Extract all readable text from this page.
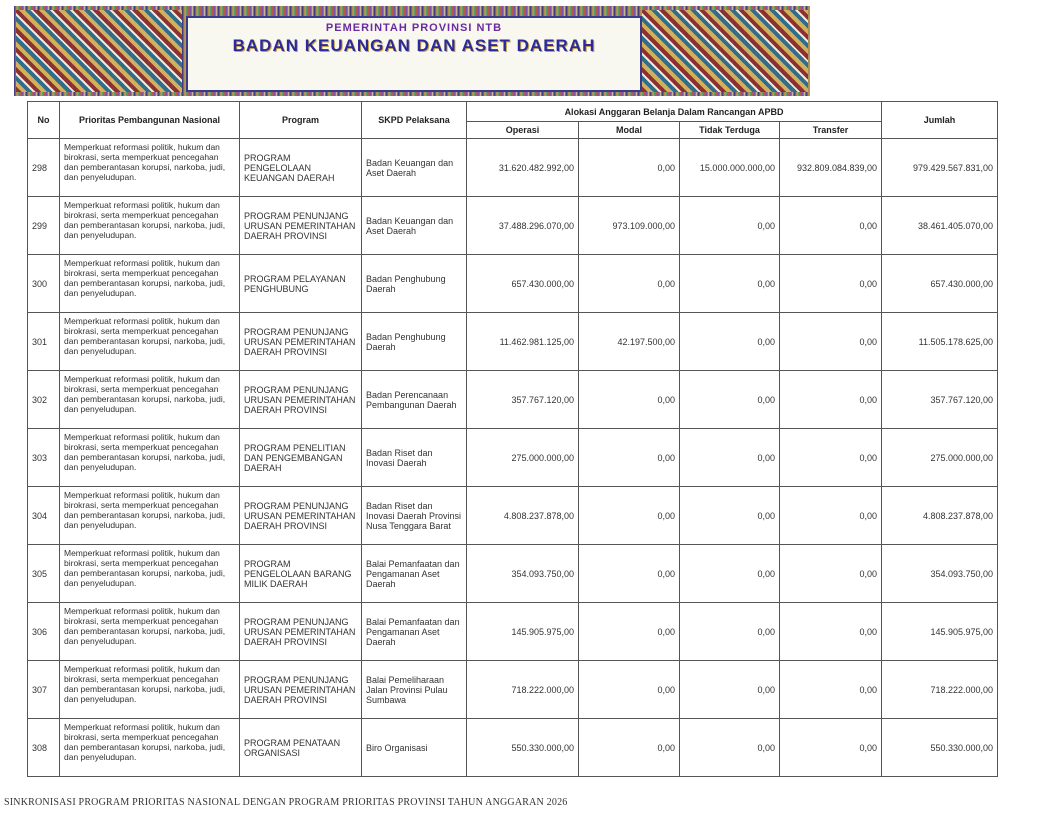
PEMERINTAH PROVINSI NTB
BADAN KEUANGAN DAN ASET DAERAH
No	Prioritas Pembangunan Nasional	Program	SKPD Pelaksana	Alokasi Anggaran Belanja Dalam Rancangan APBD				Jumlah
				Operasi	Modal	Tidak Terduga	Transfer	
298	Memperkuat reformasi politik, hukum dan birokrasi, serta memperkuat pencegahan dan pemberantasan korupsi, narkoba, judi, dan penyeludupan.	PROGRAM PENGELOLAAN KEUANGAN DAERAH	Badan Keuangan dan Aset Daerah	31.620.482.992,00	0,00	15.000.000.000,00	932.809.084.839,00	979.429.567.831,00
299	Memperkuat reformasi politik, hukum dan birokrasi, serta memperkuat pencegahan dan pemberantasan korupsi, narkoba, judi, dan penyeludupan.	PROGRAM PENUNJANG URUSAN PEMERINTAHAN DAERAH PROVINSI	Badan Keuangan dan Aset Daerah	37.488.296.070,00	973.109.000,00	0,00	0,00	38.461.405.070,00
300	Memperkuat reformasi politik, hukum dan birokrasi, serta memperkuat pencegahan dan pemberantasan korupsi, narkoba, judi, dan penyeludupan.	PROGRAM PELAYANAN PENGHUBUNG	Badan Penghubung Daerah	657.430.000,00	0,00	0,00	0,00	657.430.000,00
301	Memperkuat reformasi politik, hukum dan birokrasi, serta memperkuat pencegahan dan pemberantasan korupsi, narkoba, judi, dan penyeludupan.	PROGRAM PENUNJANG URUSAN PEMERINTAHAN DAERAH PROVINSI	Badan Penghubung Daerah	11.462.981.125,00	42.197.500,00	0,00	0,00	11.505.178.625,00
302	Memperkuat reformasi politik, hukum dan birokrasi, serta memperkuat pencegahan dan pemberantasan korupsi, narkoba, judi, dan penyeludupan.	PROGRAM PENUNJANG URUSAN PEMERINTAHAN DAERAH PROVINSI	Badan Perencanaan Pembangunan Daerah	357.767.120,00	0,00	0,00	0,00	357.767.120,00
303	Memperkuat reformasi politik, hukum dan birokrasi, serta memperkuat pencegahan dan pemberantasan korupsi, narkoba, judi, dan penyeludupan.	PROGRAM PENELITIAN DAN PENGEMBANGAN DAERAH	Badan Riset dan Inovasi Daerah	275.000.000,00	0,00	0,00	0,00	275.000.000,00
304	Memperkuat reformasi politik, hukum dan birokrasi, serta memperkuat pencegahan dan pemberantasan korupsi, narkoba, judi, dan penyeludupan.	PROGRAM PENUNJANG URUSAN PEMERINTAHAN DAERAH PROVINSI	Badan Riset dan Inovasi Daerah Provinsi Nusa Tenggara Barat	4.808.237.878,00	0,00	0,00	0,00	4.808.237.878,00
305	Memperkuat reformasi politik, hukum dan birokrasi, serta memperkuat pencegahan dan pemberantasan korupsi, narkoba, judi, dan penyeludupan.	PROGRAM PENGELOLAAN BARANG MILIK DAERAH	Balai Pemanfaatan dan Pengamanan Aset Daerah	354.093.750,00	0,00	0,00	0,00	354.093.750,00
306	Memperkuat reformasi politik, hukum dan birokrasi, serta memperkuat pencegahan dan pemberantasan korupsi, narkoba, judi, dan penyeludupan.	PROGRAM PENUNJANG URUSAN PEMERINTAHAN DAERAH PROVINSI	Balai Pemanfaatan dan Pengamanan Aset Daerah	145.905.975,00	0,00	0,00	0,00	145.905.975,00
307	Memperkuat reformasi politik, hukum dan birokrasi, serta memperkuat pencegahan dan pemberantasan korupsi, narkoba, judi, dan penyeludupan.	PROGRAM PENUNJANG URUSAN PEMERINTAHAN DAERAH PROVINSI	Balai Pemeliharaan Jalan Provinsi Pulau Sumbawa	718.222.000,00	0,00	0,00	0,00	718.222.000,00
308	Memperkuat reformasi politik, hukum dan birokrasi, serta memperkuat pencegahan dan pemberantasan korupsi, narkoba, judi, dan penyeludupan.	PROGRAM PENATAAN ORGANISASI	Biro Organisasi	550.330.000,00	0,00	0,00	0,00	550.330.000,00
SINKRONISASI PROGRAM PRIORITAS NASIONAL DENGAN PROGRAM PRIORITAS PROVINSI TAHUN ANGGARAN 2026
